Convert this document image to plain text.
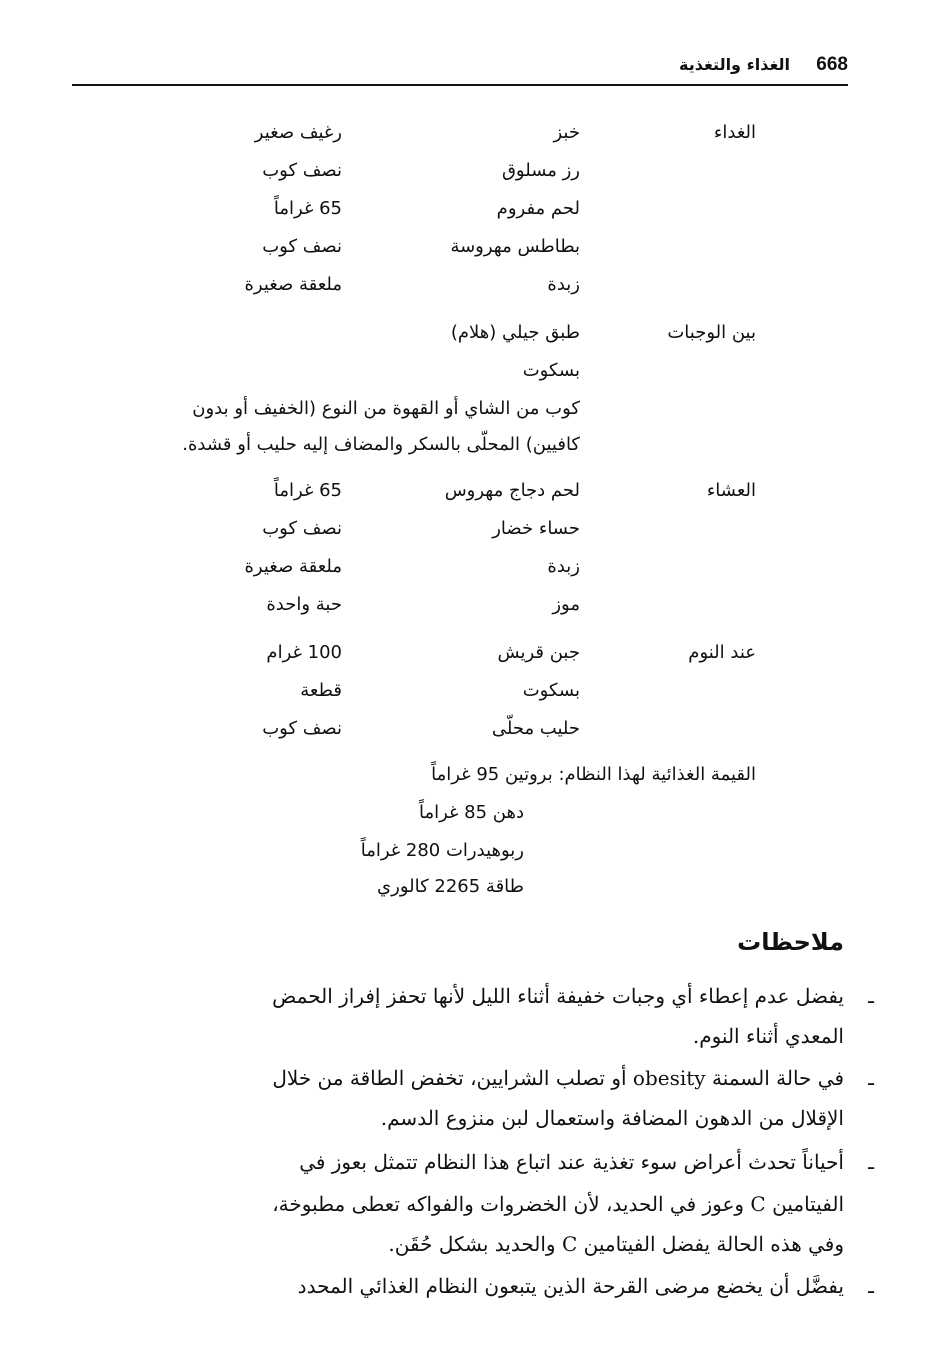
668
الغذاء والتغذية
الغداء
خبز
رغيف صغير
رز مسلوق
نصف كوب
لحم مفروم
65 غراماً
بطاطس مهروسة
نصف كوب
زبدة
ملعقة صغيرة
بين الوجبات
طبق جيلي (هلام)
بسكوت
كوب من الشاي أو القهوة من النوع (الخفيف أو بدون
كافيين) المحلّى بالسكر والمضاف إليه حليب أو قشدة.
العشاء
لحم دجاج مهروس
65 غراماً
حساء خضار
نصف كوب
زبدة
ملعقة صغيرة
موز
حبة واحدة
عند النوم
جبن قريش
100 غرام
بسكوت
قطعة
حليب محلّى
نصف كوب
القيمة الغذائية لهذا النظام: بروتين 95 غراماً
دهن 85 غراماً
ربوهيدرات 280 غراماً
طاقة 2265 كالوري
ملاحظات
ـ
يفضل عدم إعطاء أي وجبات خفيفة أثناء الليل لأنها تحفز إفراز الحمض
المعدي أثناء النوم.
ـ
في حالة السمنة obesity أو تصلب الشرايين، تخفض الطاقة من خلال
الإقلال من الدهون المضافة واستعمال لبن منزوع الدسم.
ـ
أحياناً تحدث أعراض سوء تغذية عند اتباع هذا النظام تتمثل بعوز في
الفيتامين C وعوز في الحديد، لأن الخضروات والفواكه تعطى مطبوخة،
وفي هذه الحالة يفضل الفيتامين C والحديد بشكل حُقَن.
ـ
يفضَّل أن يخضع مرضى القرحة الذين يتبعون النظام الغذائي المحدد
